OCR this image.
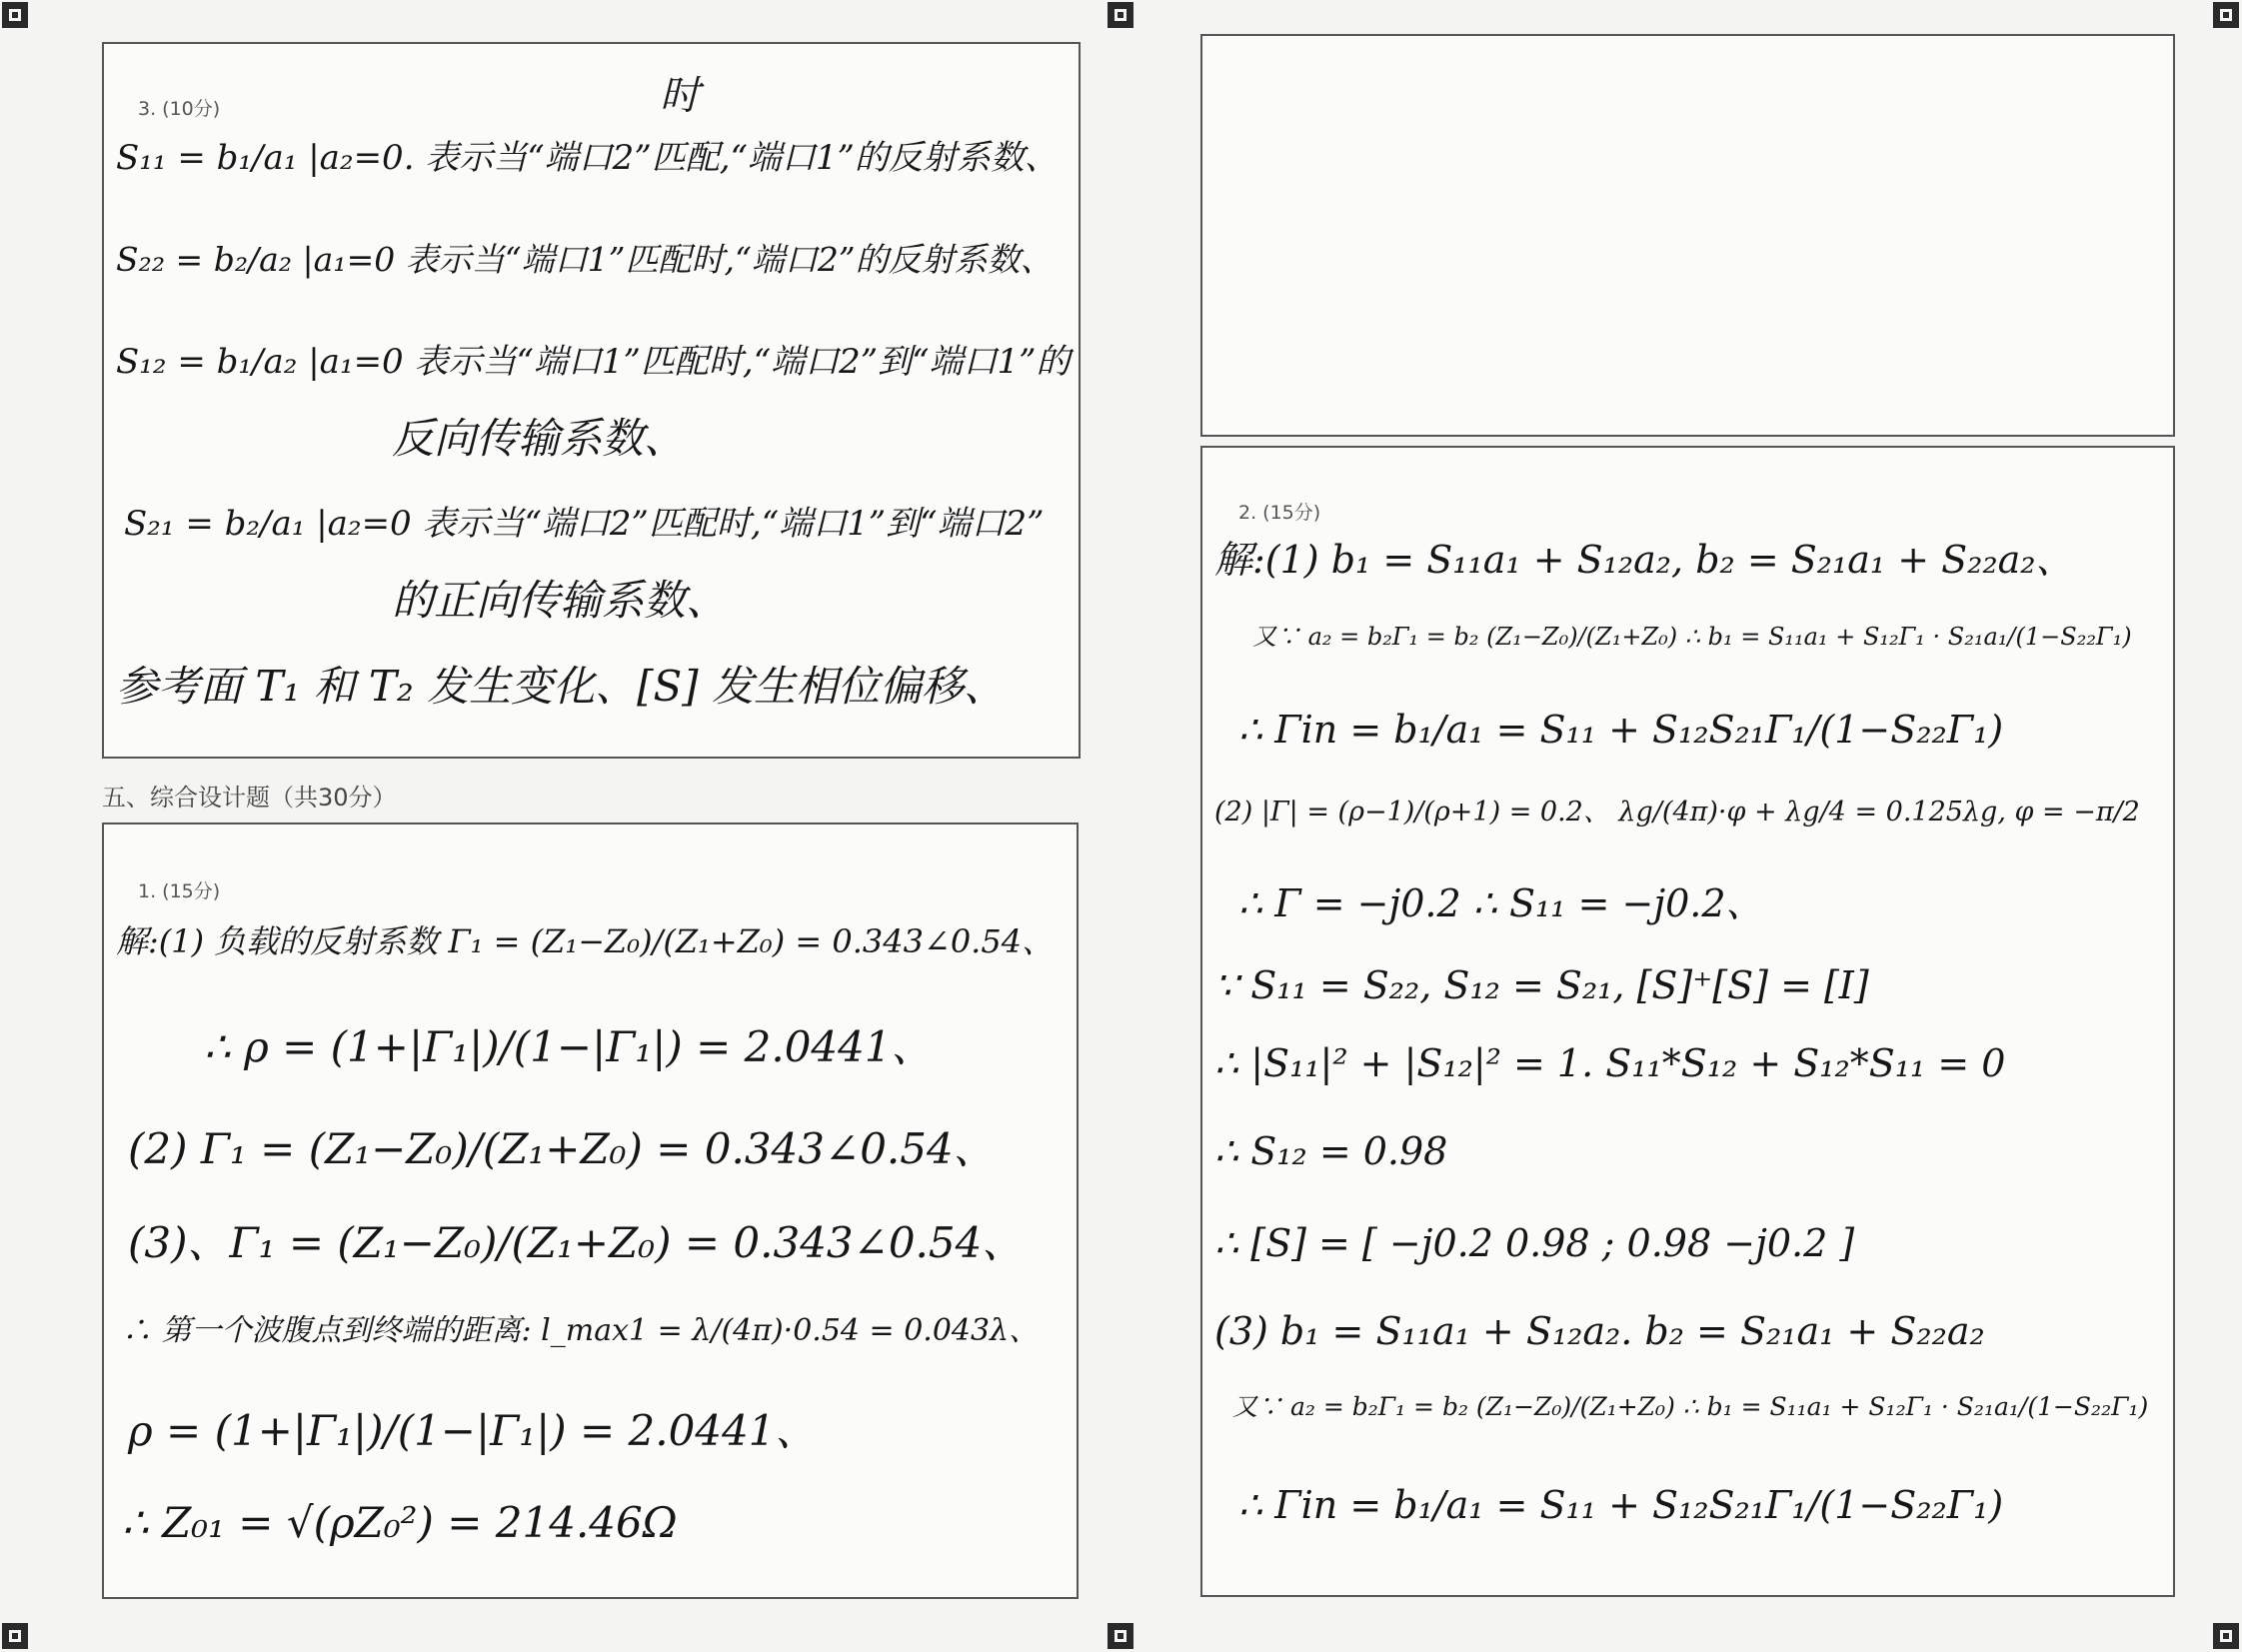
3. (10分)	时
S₁₁ = b₁/a₁ |a₂=0. 表示当“端口2”匹配,“端口1”的反射系数、
S₂₂ = b₂/a₂ |a₁=0 表示当“端口1”匹配时,“端口2”的反射系数、
S₁₂ = b₁/a₂ |a₁=0 表示当“端口1”匹配时,“端口2”到“端口1”的
反向传输系数、
S₂₁ = b₂/a₁ |a₂=0 表示当“端口2”匹配时,“端口1”到“端口2”
的正向传输系数、
参考面 T₁ 和 T₂ 发生变化、[S] 发生相位偏移、
五、综合设计题（共30分）
1. (15分)
解:(1) 负载的反射系数 Γ₁ = (Z₁−Z₀)/(Z₁+Z₀) = 0.343∠0.54、
∴ ρ = (1+|Γ₁|)/(1−|Γ₁|) = 2.0441、
(2) Γ₁ = (Z₁−Z₀)/(Z₁+Z₀) = 0.343∠0.54、
(3)、Γ₁ = (Z₁−Z₀)/(Z₁+Z₀) = 0.343∠0.54、
∴ 第一个波腹点到终端的距离: l_max1 = λ/(4π)·0.54 = 0.043λ、
ρ = (1+|Γ₁|)/(1−|Γ₁|) = 2.0441、
∴ Z₀₁ = √(ρZ₀²) = 214.46Ω
2. (15分)
解:(1) b₁ = S₁₁a₁ + S₁₂a₂, b₂ = S₂₁a₁ + S₂₂a₂、
又∵ a₂ = b₂Γ₁ = b₂ (Z₁−Z₀)/(Z₁+Z₀) ∴ b₁ = S₁₁a₁ + S₁₂Γ₁ · S₂₁a₁/(1−S₂₂Γ₁)
∴ Γin = b₁/a₁ = S₁₁ + S₁₂S₂₁Γ₁/(1−S₂₂Γ₁)
(2) |Γ| = (ρ−1)/(ρ+1) = 0.2、 λg/(4π)·φ + λg/4 = 0.125λg, φ = −π/2
∴ Γ = −j0.2 ∴ S₁₁ = −j0.2、
∵ S₁₁ = S₂₂, S₁₂ = S₂₁, [S]⁺[S] = [I]
∴ |S₁₁|² + |S₁₂|² = 1. S₁₁*S₁₂ + S₁₂*S₁₁ = 0
∴ S₁₂ = 0.98
∴ [S] = [ −j0.2 0.98 ; 0.98 −j0.2 ]
(3) b₁ = S₁₁a₁ + S₁₂a₂. b₂ = S₂₁a₁ + S₂₂a₂
又∵ a₂ = b₂Γ₁ = b₂ (Z₁−Z₀)/(Z₁+Z₀) ∴ b₁ = S₁₁a₁ + S₁₂Γ₁ · S₂₁a₁/(1−S₂₂Γ₁)
∴ Γin = b₁/a₁ = S₁₁ + S₁₂S₂₁Γ₁/(1−S₂₂Γ₁)
